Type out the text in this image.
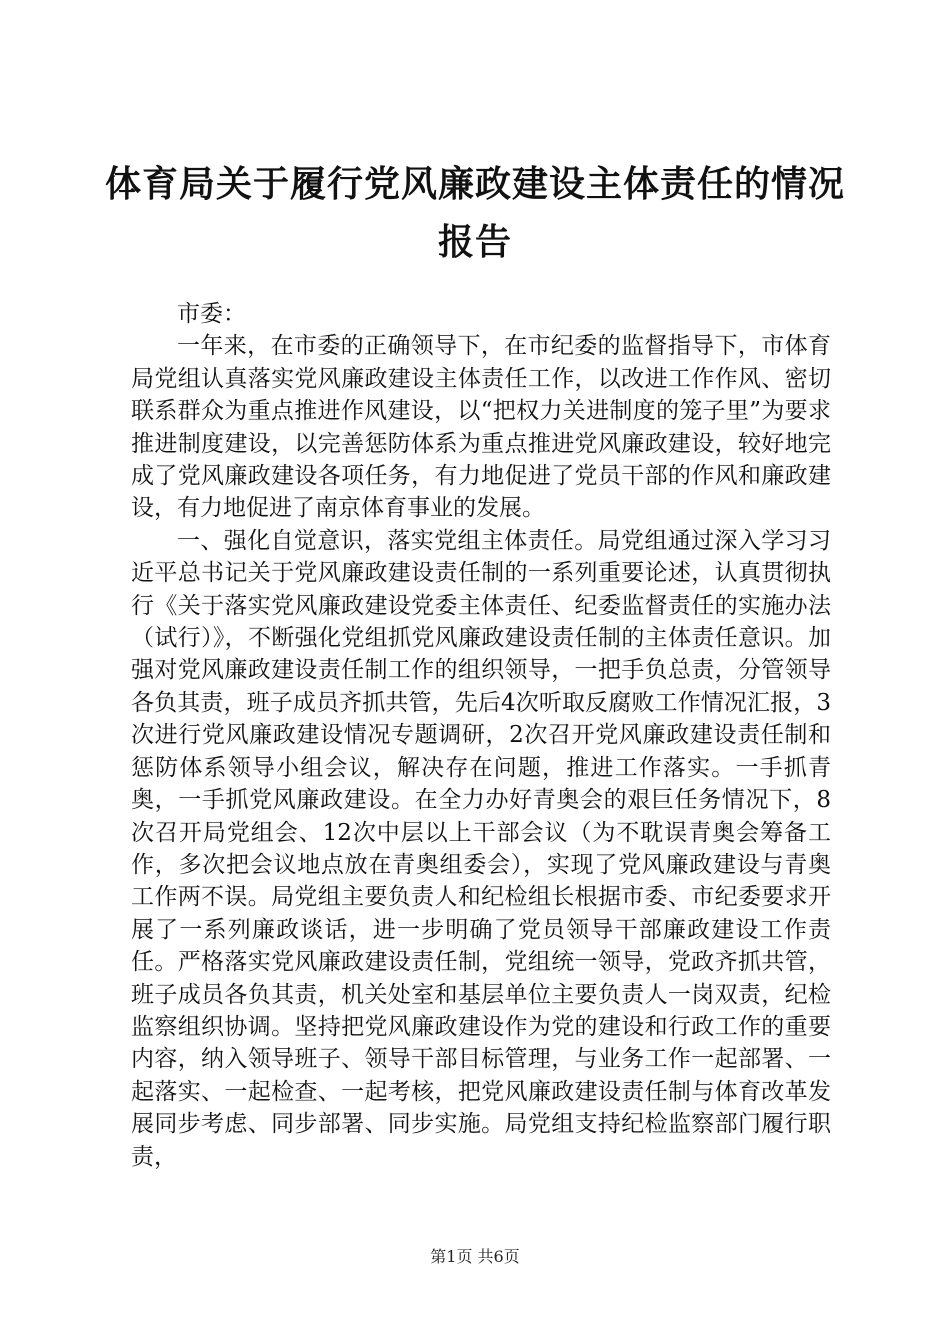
体育局关于履行党风廉政建设主体责任的情况报告

市委：

一年来，在市委的正确领导下，在市纪委的监督指导下，市体育局党组认真落实党风廉政建设主体责任工作，以改进工作作风、密切联系群众为重点推进作风建设，以“把权力关进制度的笼子里”为要求推进制度建设，以完善惩防体系为重点推进党风廉政建设，较好地完成了党风廉政建设各项任务，有力地促进了党员干部的作风和廉政建设，有力地促进了南京体育事业的发展。

一、强化自觉意识，落实党组主体责任。局党组通过深入学习习近平总书记关于党风廉政建设责任制的一系列重要论述，认真贯彻执行《关于落实党风廉政建设党委主体责任、纪委监督责任的实施办法（试行）》，不断强化党组抓党风廉政建设责任制的主体责任意识。加强对党风廉政建设责任制工作的组织领导，一把手负总责，分管领导各负其责，班子成员齐抓共管，先后4次听取反腐败工作情况汇报，3次进行党风廉政建设情况专题调研，2次召开党风廉政建设责任制和惩防体系领导小组会议，解决存在问题，推进工作落实。一手抓青奥，一手抓党风廉政建设。在全力办好青奥会的艰巨任务情况下，8次召开局党组会、12次中层以上干部会议（为不耽误青奥会筹备工作，多次把会议地点放在青奥组委会），实现了党风廉政建设与青奥工作两不误。局党组主要负责人和纪检组长根据市委、市纪委要求开展了一系列廉政谈话，进一步明确了党员领导干部廉政建设工作责任。严格落实党风廉政建设责任制，党组统一领导，党政齐抓共管，班子成员各负其责，机关处室和基层单位主要负责人一岗双责，纪检监察组织协调。坚持把党风廉政建设作为党的建设和行政工作的重要内容，纳入领导班子、领导干部目标管理，与业务工作一起部署、一起落实、一起检查、一起考核，把党风廉政建设责任制与体育改革发展同步考虑、同步部署、同步实施。局党组支持纪检监察部门履行职责，

第1页 共6页
